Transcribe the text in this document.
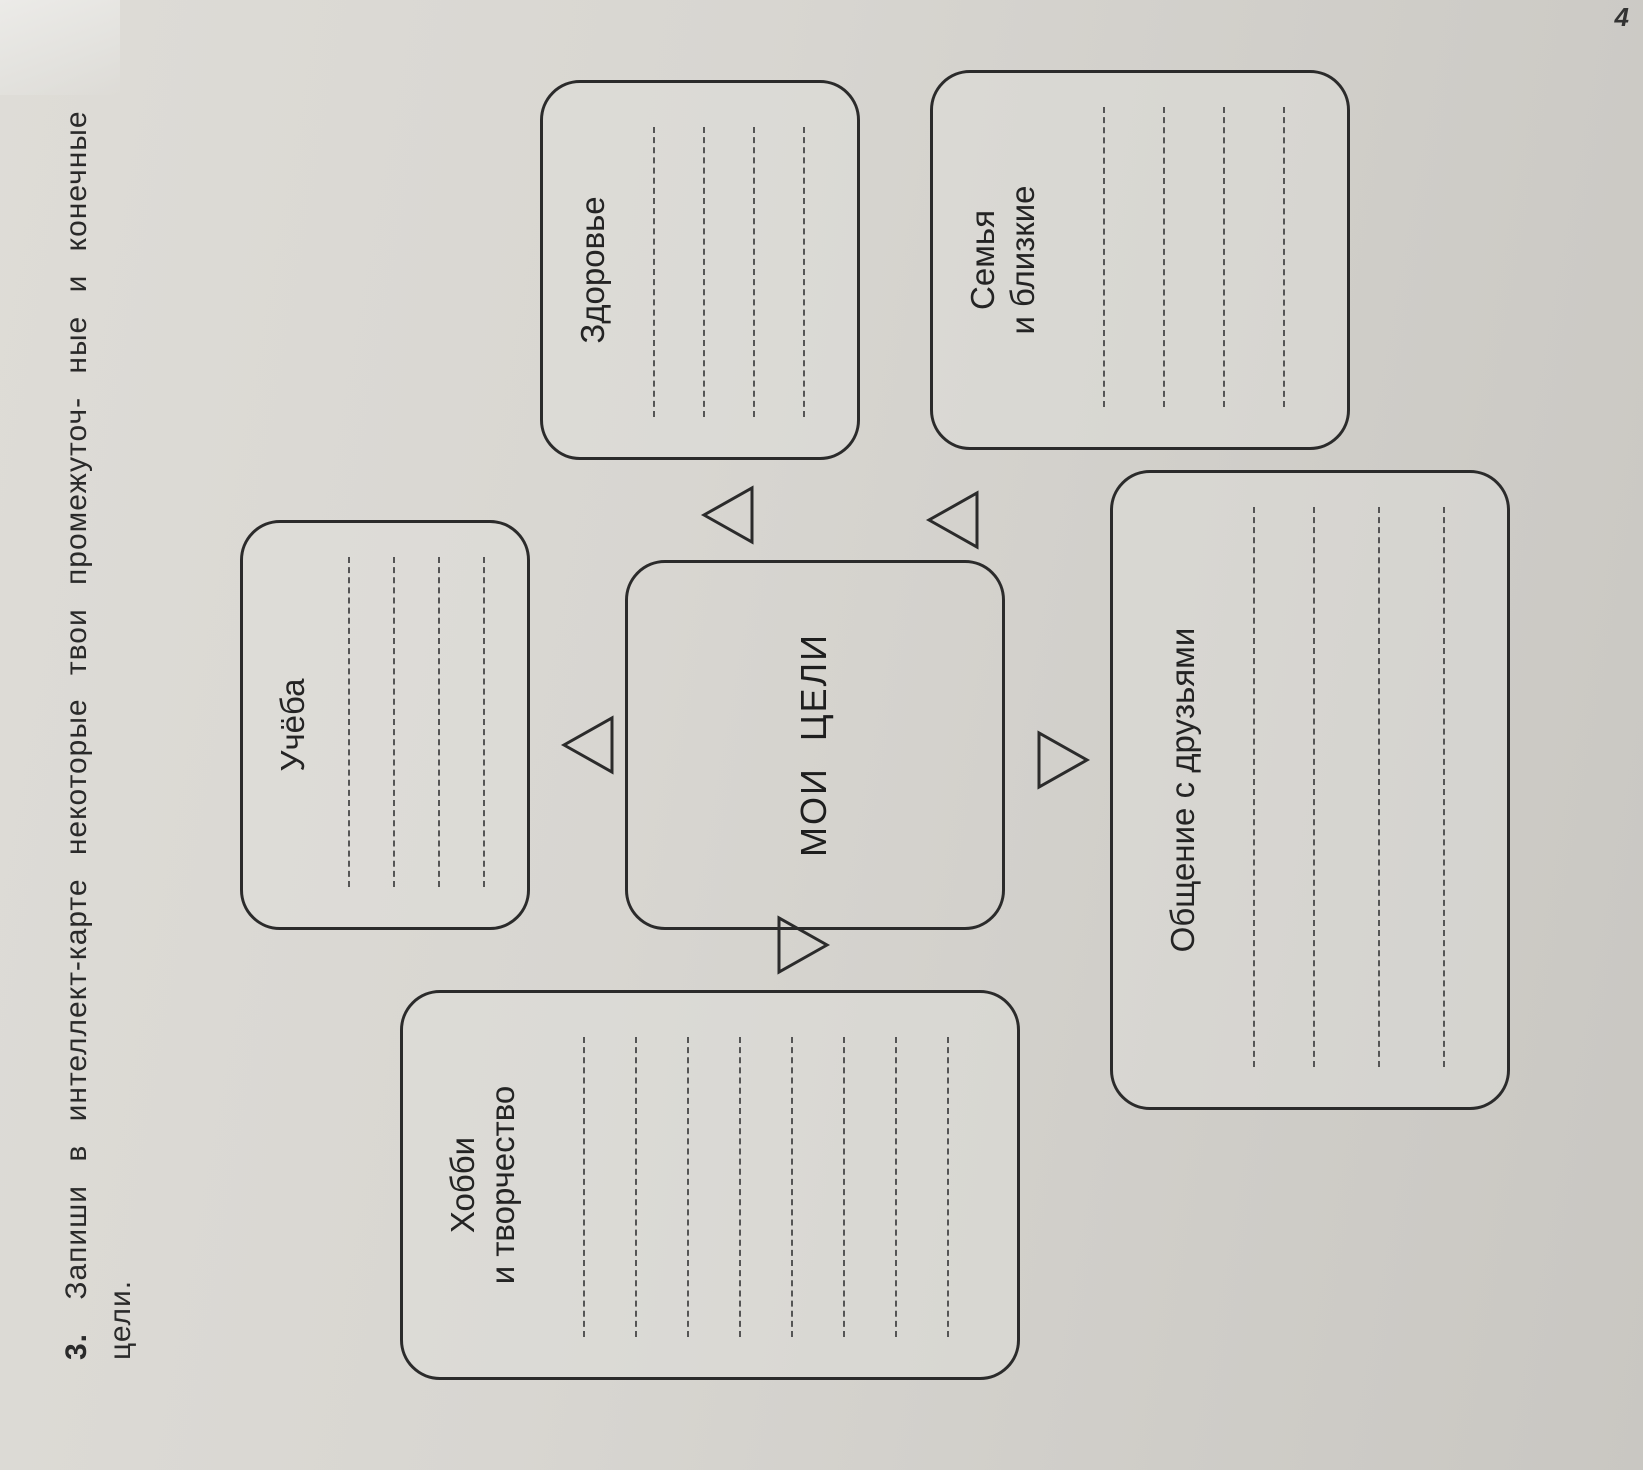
4
3. Запиши в интеллект-карте некоторые твои промежуточ- ные и конечные цели.
Хобби
и творчество
Учёба
Здоровье
МОИ ЦЕЛИ	Общение с друзьями
Семья
и близкие
